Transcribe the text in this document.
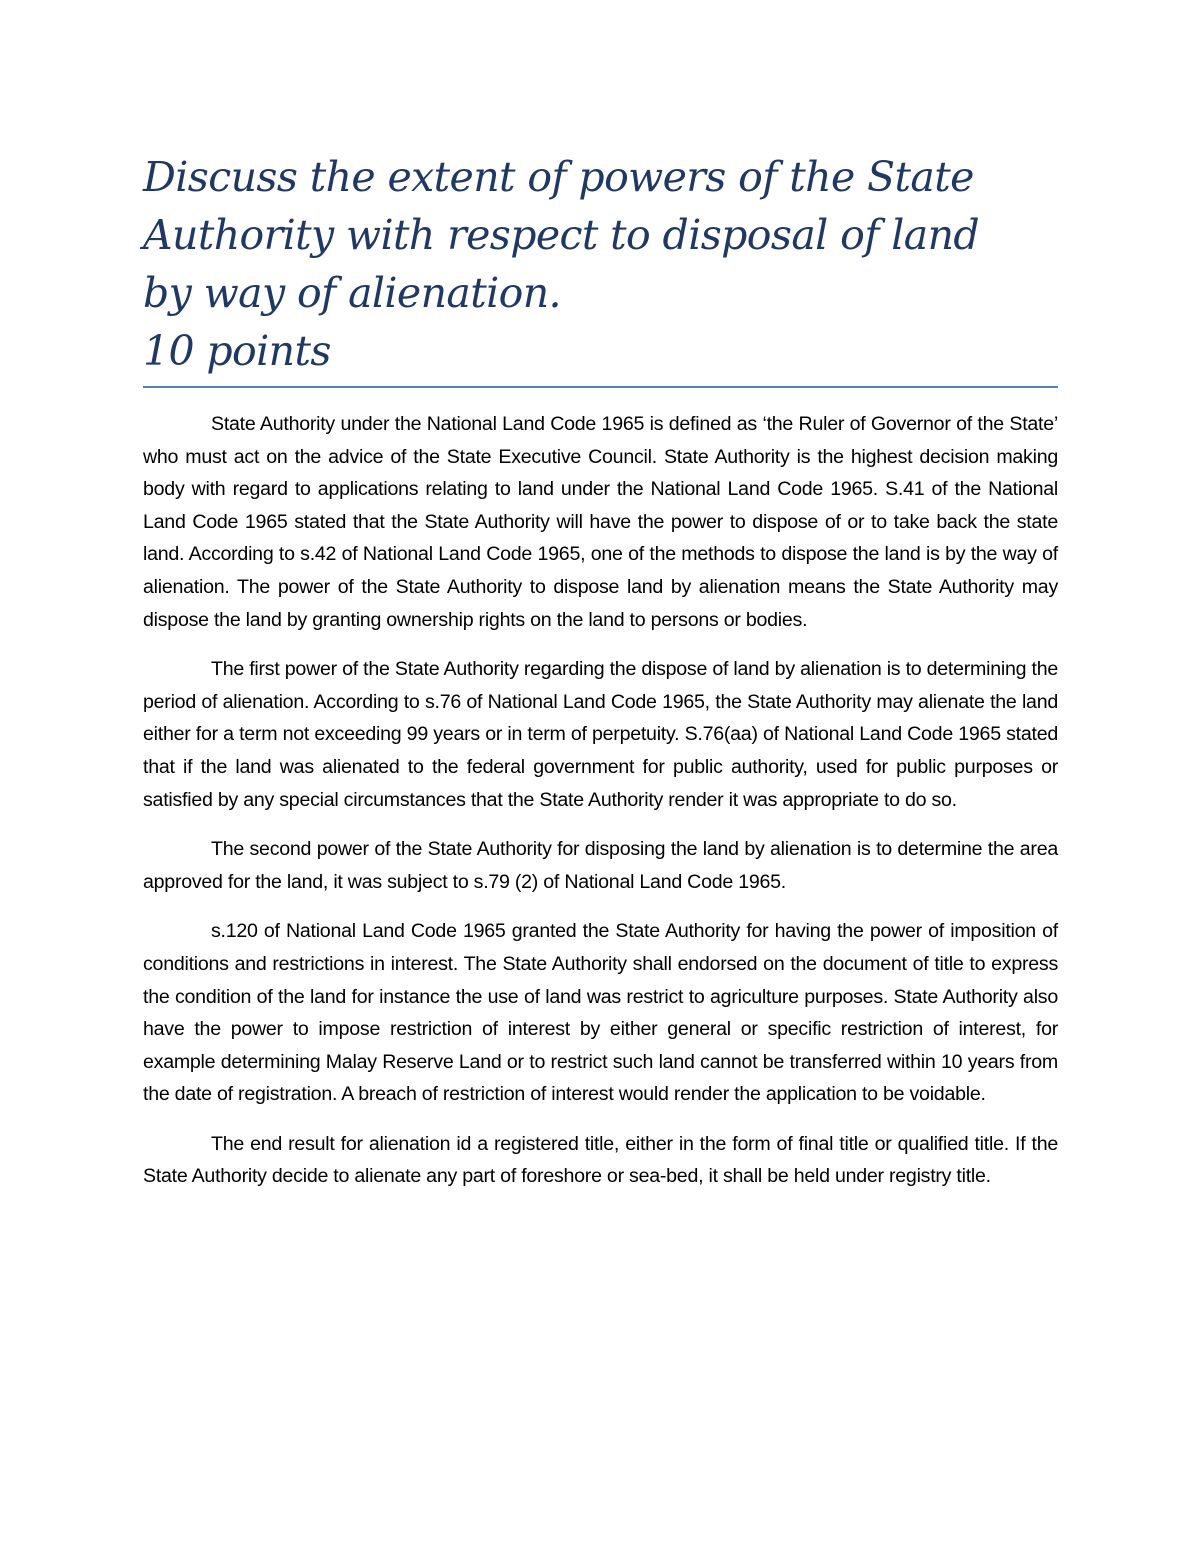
Discuss the extent of powers of the State
Authority with respect to disposal of land
by way of alienation.
10 points

State Authority under the National Land Code 1965 is defined as ‘the Ruler of Governor of the State’ who must act on the advice of the State Executive Council. State Authority is the highest decision making body with regard to applications relating to land under the National Land Code 1965. S.41 of the National Land Code 1965 stated that the State Authority will have the power to dispose of or to take back the state land. According to s.42 of National Land Code 1965, one of the methods to dispose the land is by the way of alienation. The power of the State Authority to dispose land by alienation means the State Authority may dispose the land by granting ownership rights on the land to persons or bodies.

The first power of the State Authority regarding the dispose of land by alienation is to determining the period of alienation. According to s.76 of National Land Code 1965, the State Authority may alienate the land either for a term not exceeding 99 years or in term of perpetuity. S.76(aa) of National Land Code 1965 stated that if the land was alienated to the federal government for public authority, used for public purposes or satisfied by any special circumstances that the State Authority render it was appropriate to do so.

The second power of the State Authority for disposing the land by alienation is to determine the area approved for the land, it was subject to s.79 (2) of National Land Code 1965.

s.120 of National Land Code 1965 granted the State Authority for having the power of imposition of conditions and restrictions in interest. The State Authority shall endorsed on the document of title to express the condition of the land for instance the use of land was restrict to agriculture purposes. State Authority also have the power to impose restriction of interest by either general or specific restriction of interest, for example determining Malay Reserve Land or to restrict such land cannot be transferred within 10 years from the date of registration. A breach of restriction of interest would render the application to be voidable.

The end result for alienation id a registered title, either in the form of final title or qualified title. If the State Authority decide to alienate any part of foreshore or sea-bed, it shall be held under registry title.
